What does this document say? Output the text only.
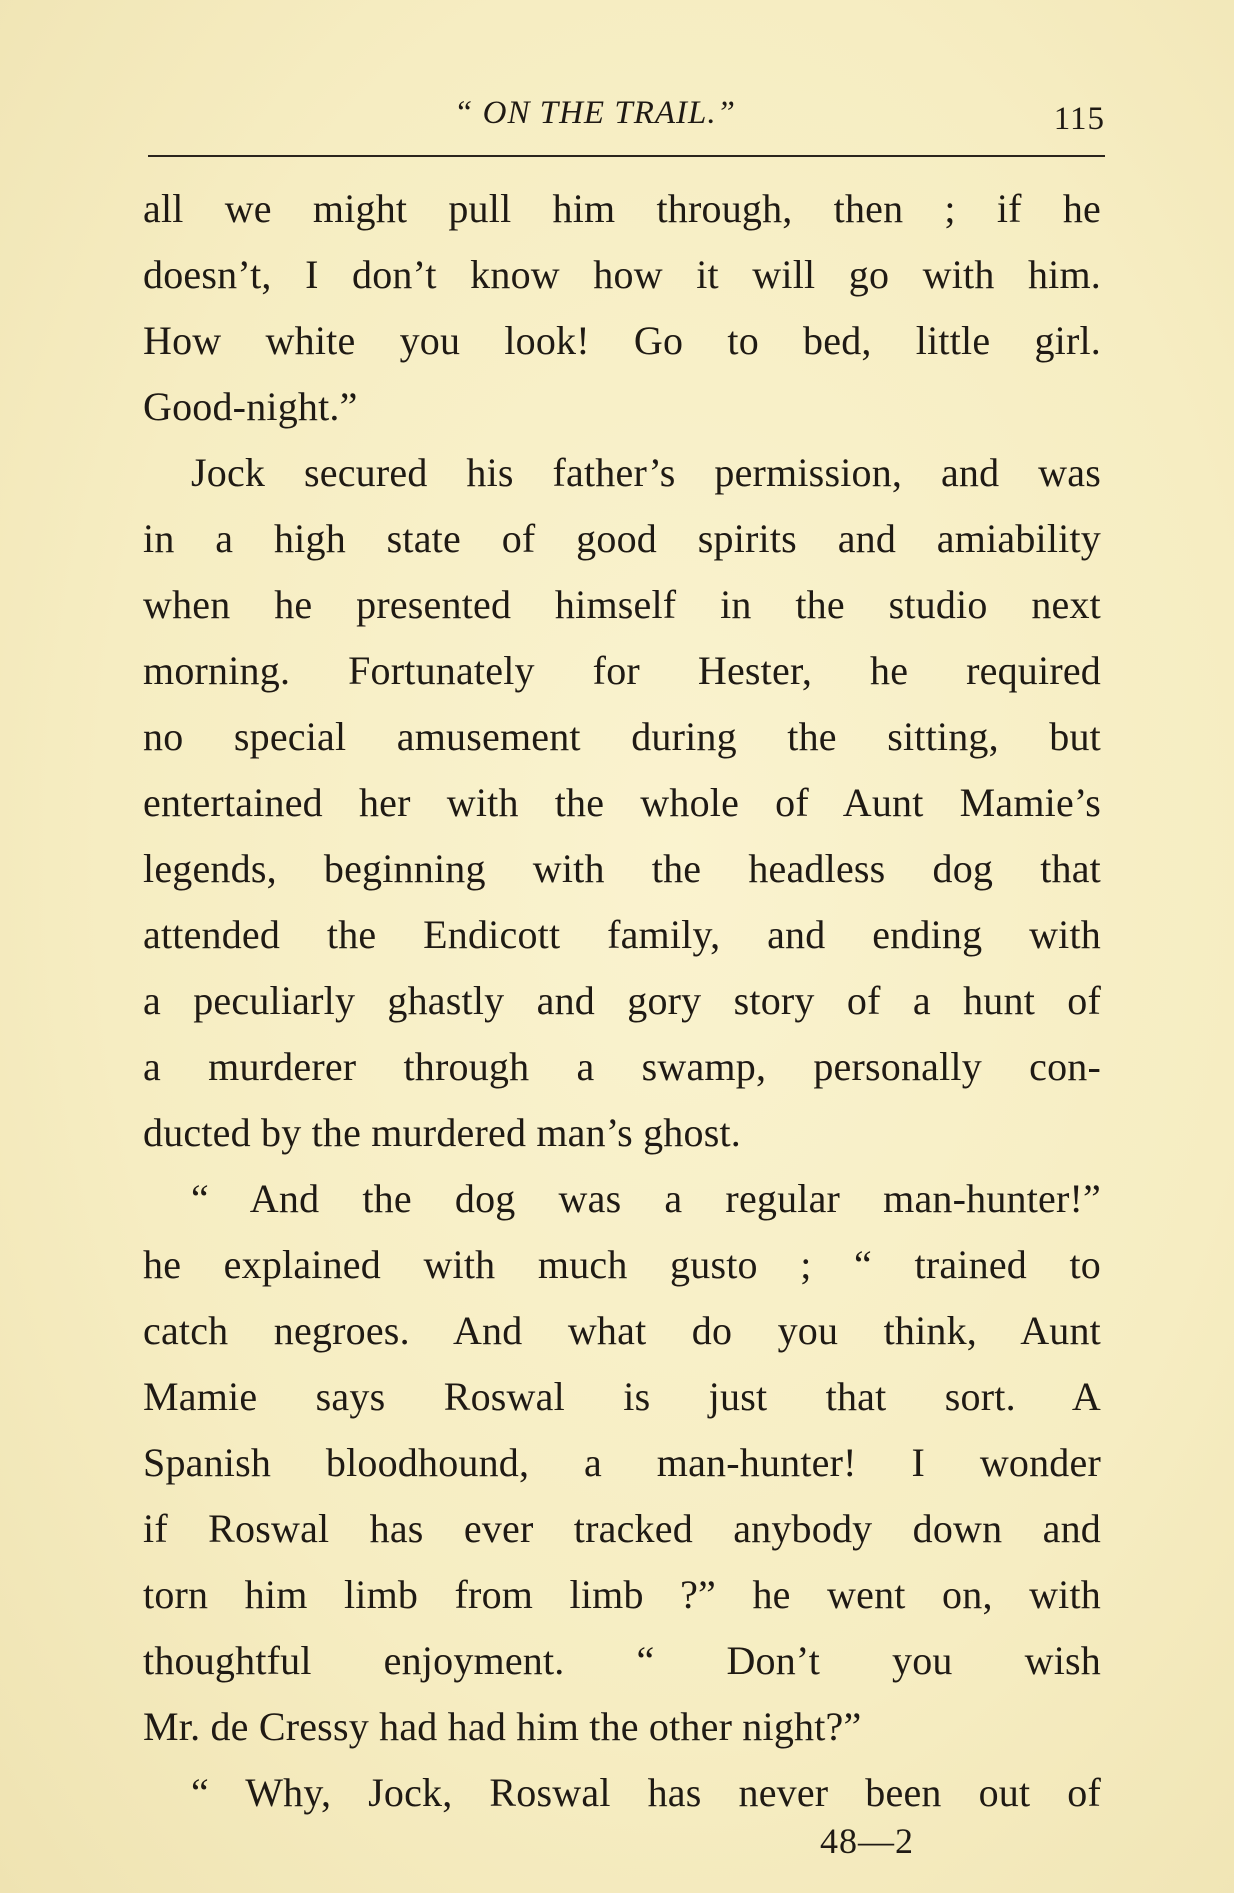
“ ON THE TRAIL.”	115
all we might pull him through, then ; if he
doesn’t, I don’t know how it will go with him.
How white you look! Go to bed, little girl.
Good-night.”
Jock secured his father’s permission, and was
in a high state of good spirits and amiability
when he presented himself in the studio next
morning. Fortunately for Hester, he required
no special amusement during the sitting, but
entertained her with the whole of Aunt Mamie’s
legends, beginning with the headless dog that
attended the Endicott family, and ending with
a peculiarly ghastly and gory story of a hunt of
a murderer through a swamp, personally con-
ducted by the murdered man’s ghost.
“ And the dog was a regular man-hunter!”
he explained with much gusto ; “ trained to
catch negroes. And what do you think, Aunt
Mamie says Roswal is just that sort. A
Spanish bloodhound, a man-hunter! I wonder
if Roswal has ever tracked anybody down and
torn him limb from limb ?” he went on, with
thoughtful enjoyment. “ Don’t you wish
Mr. de Cressy had had him the other night?”
“ Why, Jock, Roswal has never been out of
48—2
